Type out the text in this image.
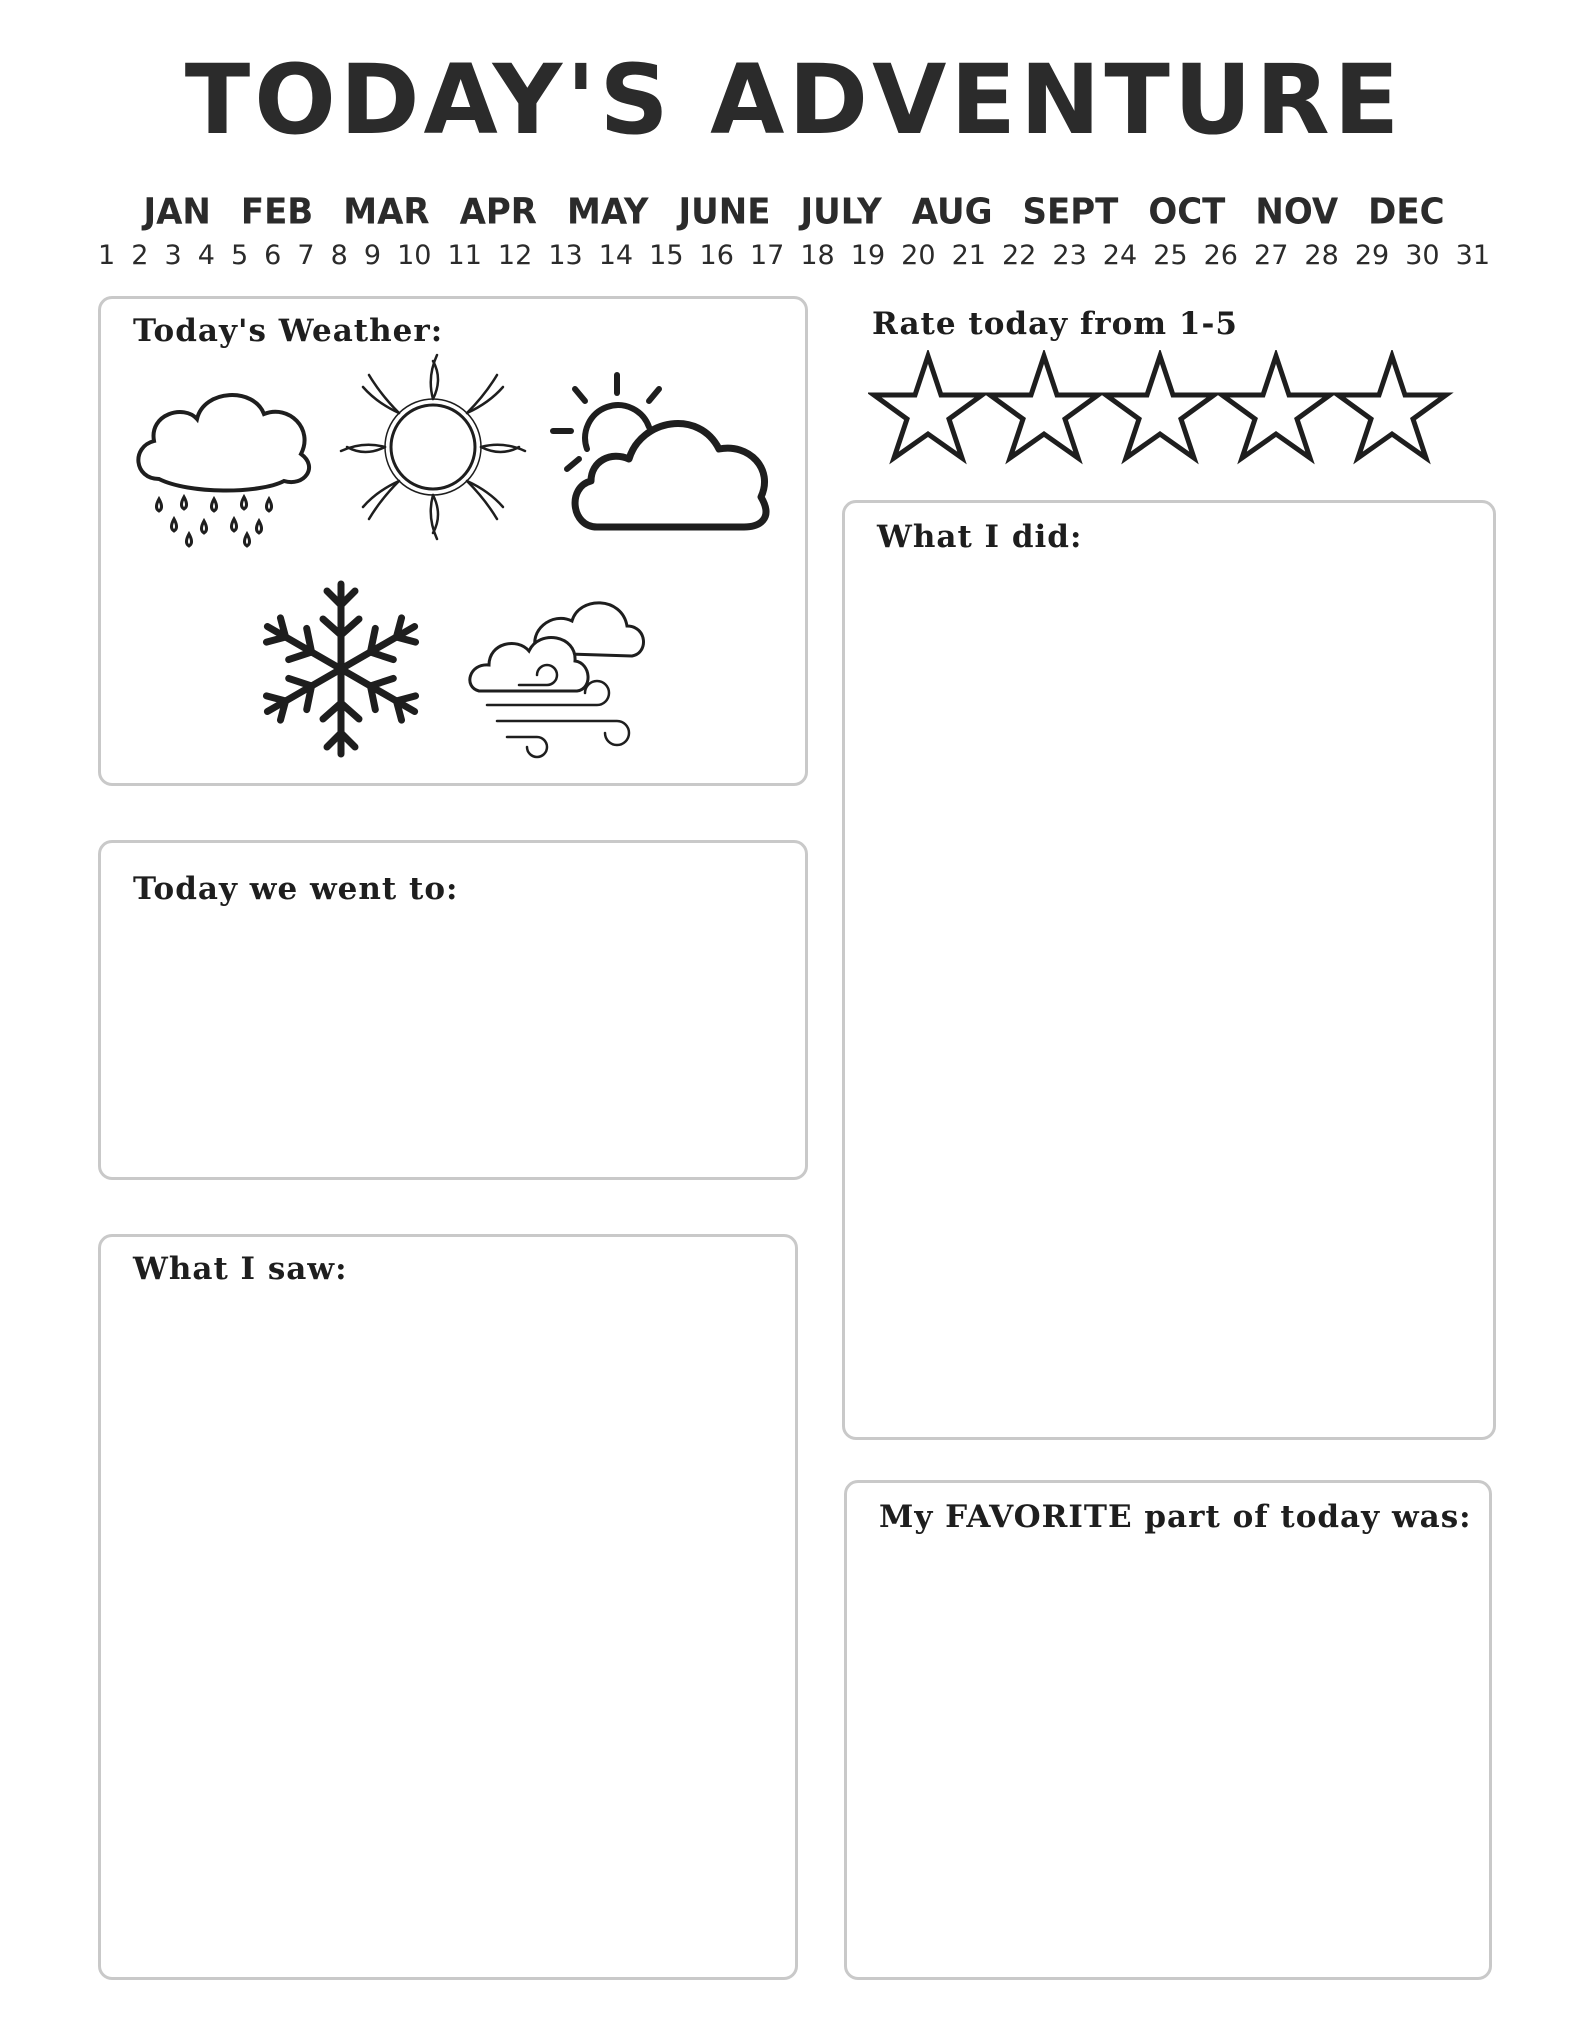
TODAY'S ADVENTURE
JAN FEB MAR APR MAY JUNE JULY AUG SEPT OCT NOV DEC
1 2 3 4 5 6 7 8 9 10 11 12 13 14 15 16 17 18 19 20 21 22 23 24 25 26 27 28 29 30 31
Today's Weather:	Rate today from 1-5
Today we went to:
What I saw:
What I did:
My FAVORITE part of today was:
